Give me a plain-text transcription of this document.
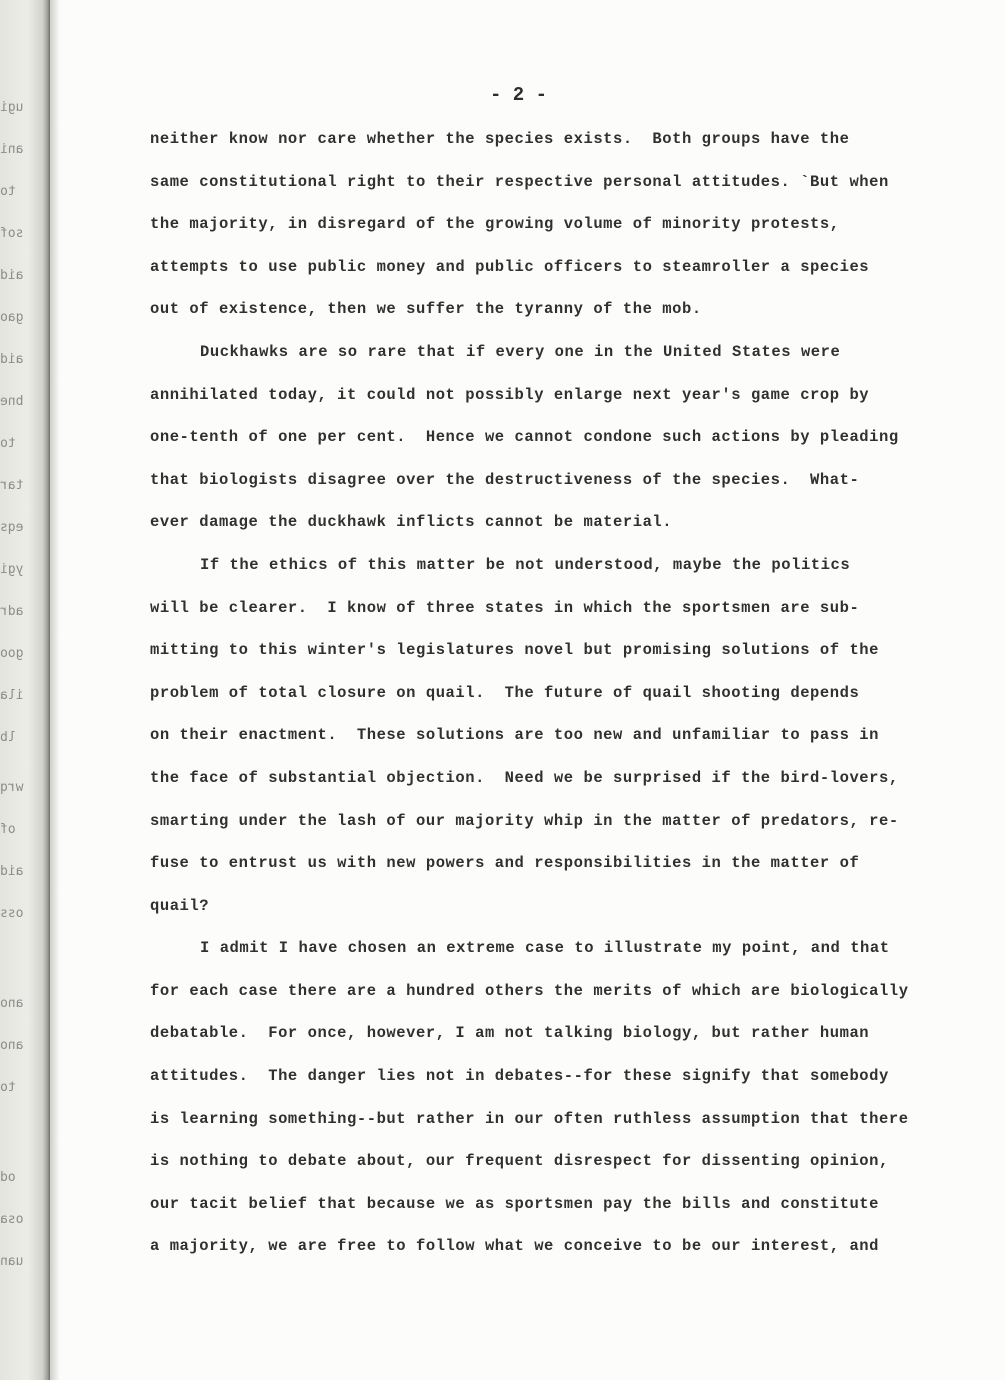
ugi
ani
to
sof
aid
gao
aid
bne
to
tar
eqs
ygi
adr
goo
ila
lb
wrq
of
aid
oss
ano
ano
to
od
osa
uan
- 2 -
neither know nor care whether the species exists.  Both groups have the
same constitutional right to their respective personal attitudes. `But when
the majority, in disregard of the growing volume of minority protests,
attempts to use public money and public officers to steamroller a species
out of existence, then we suffer the tyranny of the mob.
Duckhawks are so rare that if every one in the United States were
annihilated today, it could not possibly enlarge next year's game crop by
one-tenth of one per cent.  Hence we cannot condone such actions by pleading
that biologists disagree over the destructiveness of the species.  What-
ever damage the duckhawk inflicts cannot be material.
If the ethics of this matter be not understood, maybe the politics
will be clearer.  I know of three states in which the sportsmen are sub-
mitting to this winter's legislatures novel but promising solutions of the
problem of total closure on quail.  The future of quail shooting depends
on their enactment.  These solutions are too new and unfamiliar to pass in
the face of substantial objection.  Need we be surprised if the bird-lovers,
smarting under the lash of our majority whip in the matter of predators, re-
fuse to entrust us with new powers and responsibilities in the matter of
quail?
I admit I have chosen an extreme case to illustrate my point, and that
for each case there are a hundred others the merits of which are biologically
debatable.  For once, however, I am not talking biology, but rather human
attitudes.  The danger lies not in debates--for these signify that somebody
is learning something--but rather in our often ruthless assumption that there
is nothing to debate about, our frequent disrespect for dissenting opinion,
our tacit belief that because we as sportsmen pay the bills and constitute
a majority, we are free to follow what we conceive to be our interest, and
